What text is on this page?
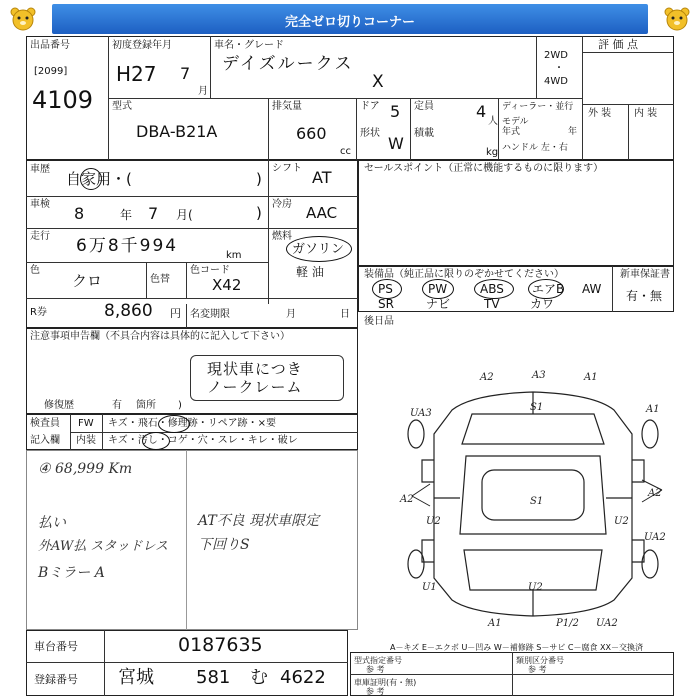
完全ゼロ切りコーナー
出品番号
[2099]
4109
初度登録年月
H27 7
月
車名・グレード
デイズルークス
X
2WD
・
4WD
評 価 点
外 装 内 装
型式
DBA-B21A
排気量
660
cc
ドア 5
形状
W
定員	4
人
積載
kg
ディーラー・並行
モデル
年式	年
ハンドル 左・右
車歴
自家用・(	)
車検 8	年 7 月(	)
走行 6万8千994	km
色
クロ	色替
色コード
X42
R券	8,860 円
シフト AT
冷房 AAC
燃料
ガソリン
軽 油
名変期限	月	日
セールスポイント（正常に機能するものに限ります）
装備品（純正品に限りのぞかせてください）	新車保証書
有・無
PS	PW	ABS エアB AW
SR	ナビ	TV	カワ
後日品
注意事項申告欄（不具合内容は具体的に記入して下さい）
現状車につき
ノークレーム
修復歴	有 箇所 )
検査員
記入欄
FW キズ・飛石・修理跡・リペア跡・×要
内装 キズ・汚し・コゲ・穴・スレ・キレ・破レ
④ 68,999 Km
払い	AT不良 現状車限定
外AW払 スタッドレス 下回りS
Bミラー A
A2	A3	A1
UA3	A1
S1
A2	S1
U2
A2
U2
UA2
U1	U2
A1	P1/2 UA2
A－キズ E－エクボ U－凹み W－補修跡 S－サビ C－腐食 XX－交換済
車台番号	0187635
登録番号 宮城 581 む 4622
型式指定番号
参 考
類別区分番号
参 考
車庫証明(有・無)
参 考
